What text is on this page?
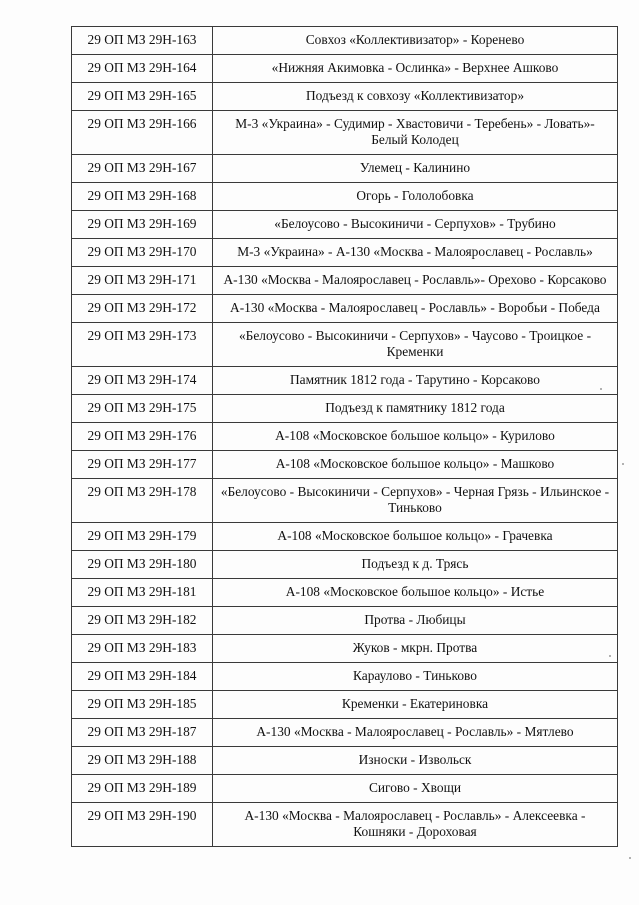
29 ОП МЗ 29Н-163	Совхоз «Коллективизатор» - Коренево
29 ОП МЗ 29Н-164	«Нижняя Акимовка - Ослинка» - Верхнее Ашково
29 ОП МЗ 29Н-165	Подъезд к совхозу «Коллективизатор»
29 ОП МЗ 29Н-166	М-3 «Украина» - Судимир - Хвастовичи - Теребень» - Ловать»- Белый Колодец
29 ОП МЗ 29Н-167	Улемец - Калинино
29 ОП МЗ 29Н-168	Огорь - Гололобовка
29 ОП МЗ 29Н-169	«Белоусово - Высокиничи - Серпухов» - Трубино
29 ОП МЗ 29Н-170	М-3 «Украина» - А-130 «Москва - Малоярославец - Рославль»
29 ОП МЗ 29Н-171	А-130 «Москва - Малоярославец - Рославль»- Орехово - Корсаково
29 ОП МЗ 29Н-172	А-130 «Москва - Малоярославец - Рославль» - Воробьи - Победа
29 ОП МЗ 29Н-173	«Белоусово - Высокиничи - Серпухов» - Чаусово - Троицкое - Кременки
29 ОП МЗ 29Н-174	Памятник 1812 года - Тарутино - Корсаково
29 ОП МЗ 29Н-175	Подъезд к памятнику 1812 года
29 ОП МЗ 29Н-176	А-108 «Московское большое кольцо» - Курилово
29 ОП МЗ 29Н-177	А-108 «Московское большое кольцо» - Машково
29 ОП МЗ 29Н-178	«Белоусово - Высокиничи - Серпухов» - Черная Грязь - Ильинское - Тиньково
29 ОП МЗ 29Н-179	А-108 «Московское большое кольцо» - Грачевка
29 ОП МЗ 29Н-180	Подъезд к д. Трясь
29 ОП МЗ 29Н-181	А-108 «Московское большое кольцо» - Истье
29 ОП МЗ 29Н-182	Протва - Любицы
29 ОП МЗ 29Н-183	Жуков - мкрн. Протва
29 ОП МЗ 29Н-184	Караулово - Тиньково
29 ОП МЗ 29Н-185	Кременки - Екатериновка
29 ОП МЗ 29Н-187	А-130 «Москва - Малоярославец - Рославль» - Мятлево
29 ОП МЗ 29Н-188	Износки - Извольск
29 ОП МЗ 29Н-189	Сигово - Хвощи
29 ОП МЗ 29Н-190	А-130 «Москва - Малоярославец - Рославль» - Алексеевка - Кошняки - Дороховая
